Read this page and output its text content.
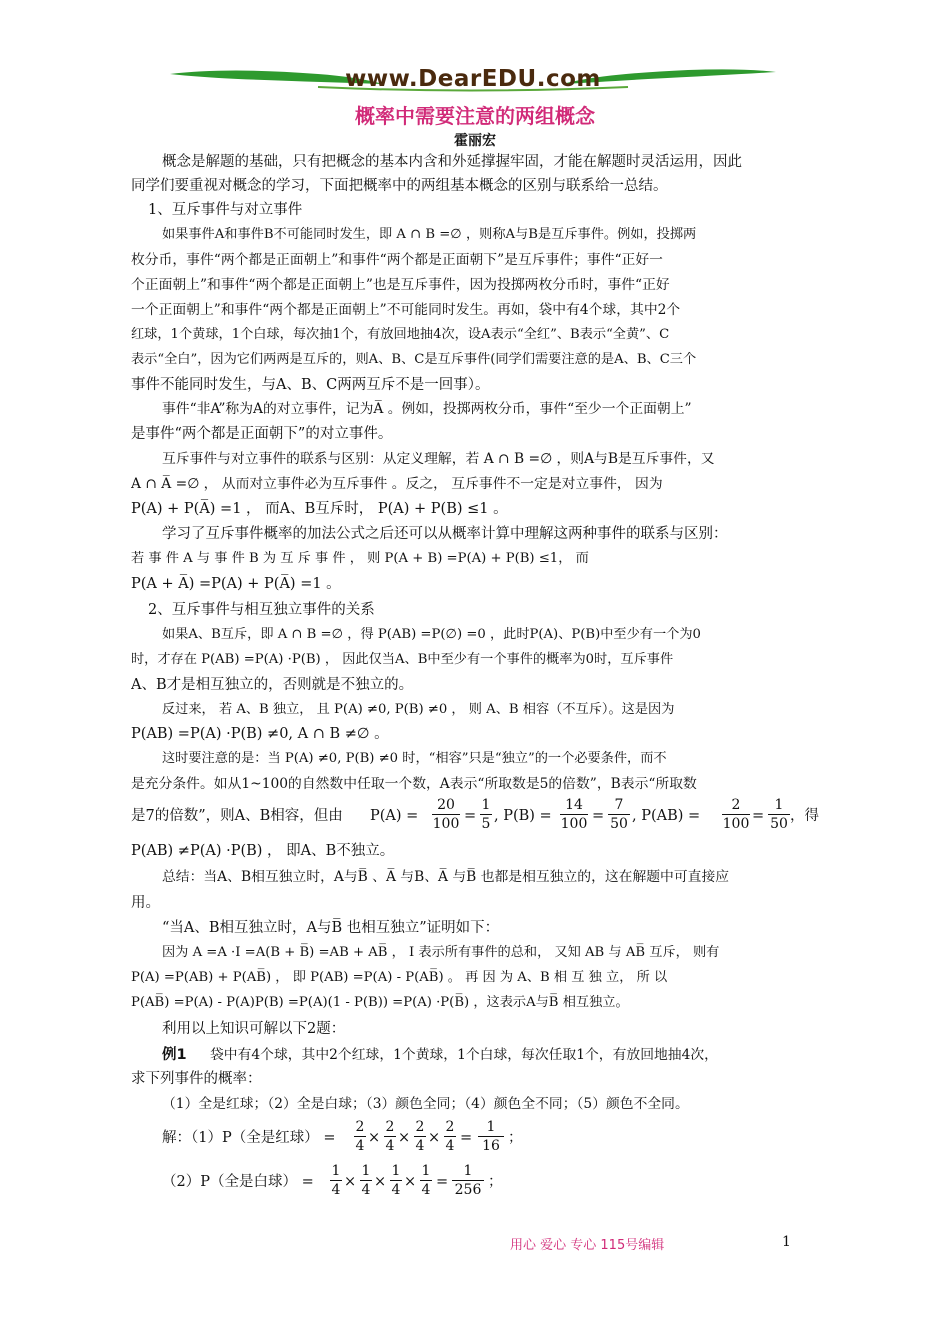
www.DearEDU.com
概率中需要注意的两组概念
霍丽宏
概念是解题的基础，只有把概念的基本内含和外延撑握牢固，才能在解题时灵活运用，因此
同学们要重视对概念的学习，下面把概率中的两组基本概念的区别与联系给一总结。
1、互斥事件与对立事件
如果事件A和事件B不可能同时发生，即 A ∩ B =∅ ，则称A与B是互斥事件。例如，投掷两
枚分币，事件“两个都是正面朝上”和事件“两个都是正面朝下”是互斥事件；事件“正好一
个正面朝上”和事件“两个都是正面朝上”也是互斥事件，因为投掷两枚分币时，事件“正好
一个正面朝上”和事件“两个都是正面朝上”不可能同时发生。再如，袋中有4个球，其中2个
红球，1个黄球，1个白球，每次抽1个，有放回地抽4次，设A表示“全红”、B表示“全黄”、C
表示“全白”，因为它们两两是互斥的，则A、B、C是互斥事件(同学们需要注意的是A、B、C三个
事件不能同时发生，与A、B、C两两互斥不是一回事）。
事件“非A”称为A的对立事件，记为A̅ 。例如，投掷两枚分币，事件“至少一个正面朝上”
是事件“两个都是正面朝下”的对立事件。
互斥事件与对立事件的联系与区别：从定义理解，若 A ∩ B =∅ ，则A与B是互斥事件，又
A ∩ A̅ =∅ ， 从而对立事件必为互斥事件 。反之， 互斥事件不一定是对立事件， 因为
P(A) + P(A̅) =1 ， 而A、B互斥时， P(A) + P(B) ≤1 。
学习了互斥事件概率的加法公式之后还可以从概率计算中理解这两种事件的联系与区别：
若 事 件 A 与 事 件 B 为 互 斥 事 件 ， 则 P(A + B) =P(A) + P(B) ≤1， 而
P(A + A̅) =P(A) + P(A̅) =1 。
2、互斥事件与相互独立事件的关系
如果A、B互斥，即 A ∩ B =∅ ，得 P(AB) =P(∅) =0 ，此时P(A)、P(B)中至少有一个为0
时，才存在 P(AB) =P(A) ·P(B) ， 因此仅当A、B中至少有一个事件的概率为0时，互斥事件
A、B才是相互独立的，否则就是不独立的。
反过来， 若 A、B 独立， 且 P(A) ≠0, P(B) ≠0 ， 则 A、B 相容（不互斥）。这是因为
P(AB) =P(A) ·P(B) ≠0, A ∩ B ≠∅ 。
这时要注意的是：当 P(A) ≠0, P(B) ≠0 时，“相容”只是“独立”的一个必要条件，而不
是充分条件。如从1~100的自然数中任取一个数，A表示“所取数是5的倍数”，B表示“所取数
是7的倍数”，则A、B相容，但由	$P(A) = \frac{20}{100} = \frac{1}{5}$ , $P(B) = \frac{14}{100} = \frac{7}{50}$ , P(AB) =	$\frac{2}{100} = \frac{1}{50}$ ，得
P(AB) ≠P(A) ·P(B) ， 即A、B不独立。
总结：当A、B相互独立时，A与B̅ 、A̅ 与B、A̅ 与B̅ 也都是相互独立的，这在解题中可直接应
用。
“当A、B相互独立时，A与B̅ 也相互独立”证明如下：
因为 A =A ·I =A(B + B̅) =AB + AB̅ ， I 表示所有事件的总和， 又知 AB 与 AB̅ 互斥， 则有
P(A) =P(AB) + P(AB̅) ， 即 P(AB) =P(A) - P(AB̅) 。 再 因 为 A、B 相 互 独 立， 所 以
P(AB̅) =P(A) - P(A)P(B) =P(A)(1 - P(B)) =P(A) ·P(B̅) ，这表示A与B̅ 相互独立。
利用以上知识可解以下2题：
例1	袋中有4个球，其中2个红球，1个黄球，1个白球，每次任取1个，有放回地抽4次，
求下列事件的概率：
（1）全是红球；（2）全是白球；（3）颜色全同；（4）颜色全不同；（5）颜色不全同。
解：（1）P（全是红球） =	$\frac{2}{4} \times \frac{2}{4} \times \frac{2}{4} \times \frac{2}{4} = \frac{1}{16}$ ；
（2）P（全是白球） =	$\frac{1}{4} \times \frac{1}{4} \times \frac{1}{4} \times \frac{1}{4} = \frac{1}{256}$ ；
用心 爱心 专心 115号编辑	1
